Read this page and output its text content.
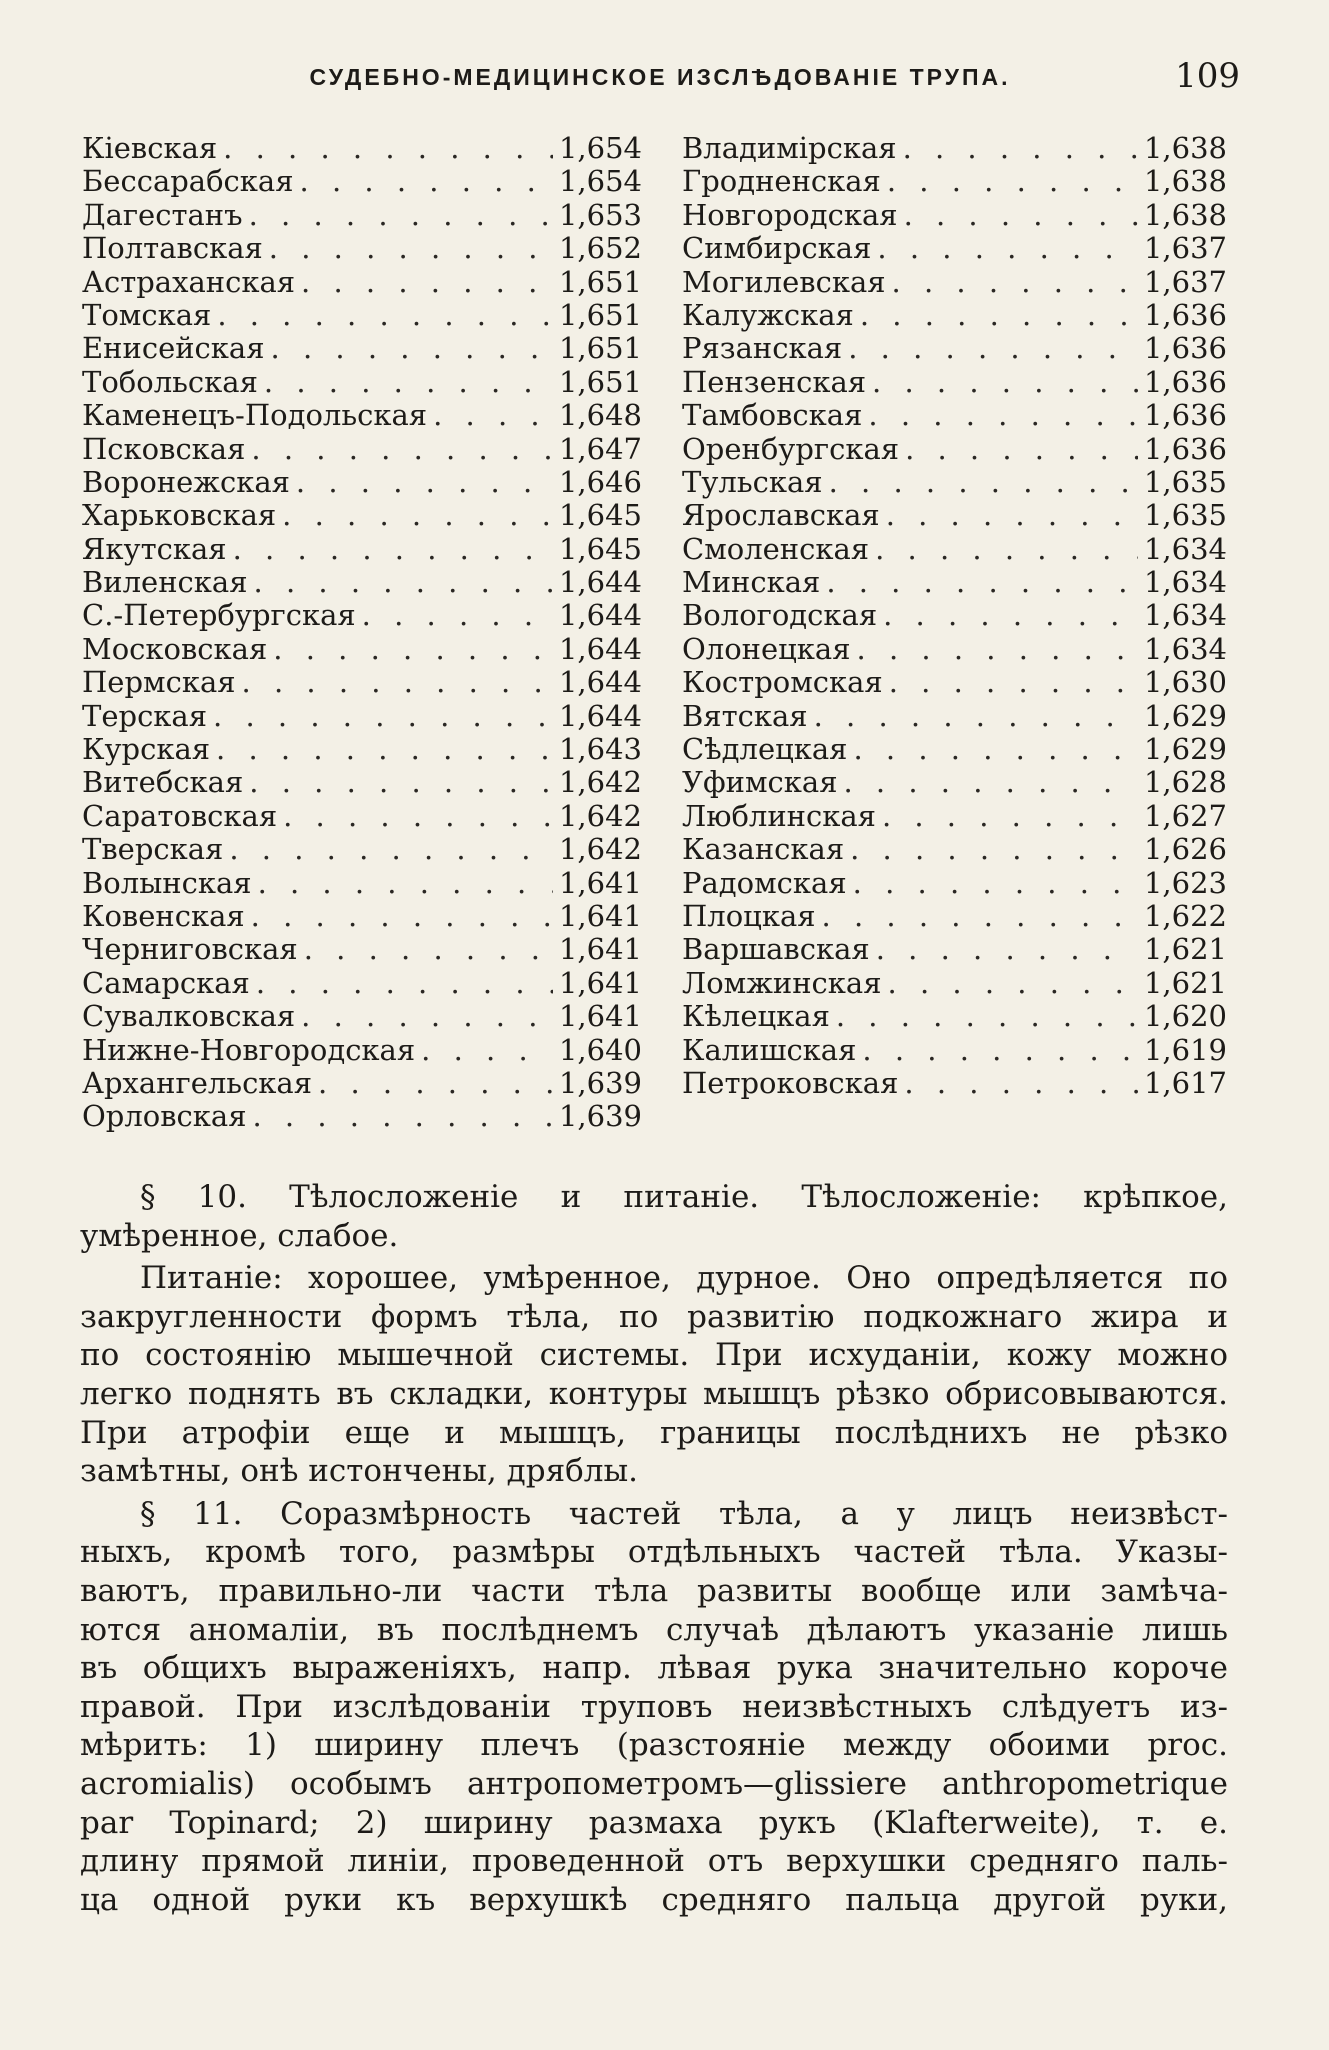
СУДЕБНО-МЕДИЦИНСКОЕ ИЗСЛѢДОВАНІЕ ТРУПА.	109
Кіевская . . .	1,654
Бессарабская . . .	1,654
Дагестанъ . . .	1,653
Полтавская . . .	1,652
Астраханская . . .	1,651
Томская . . .	1,651
Енисейская . . .	1,651
Тобольская . . .	1,651
Каменецъ-Подольская . . .	1,648
Псковская . . .	1,647
Воронежская . . .	1,646
Харьковская . . .	1,645
Якутская . . .	1,645
Виленская . . .	1,644
С.-Петербургская . . .	1,644
Московская . . .	1,644
Пермская . . .	1,644
Терская . . .	1,644
Курская . . .	1,643
Витебская . . .	1,642
Саратовская . . .	1,642
Тверская . . .	1,642
Волынская . . .	1,641
Ковенская . . .	1,641
Черниговская . . .	1,641
Самарская . . .	1,641
Сувалковская . . .	1,641
Нижне-Новгородская . . .	1,640
Архангельская . . .	1,639
Орловская . . .	1,639
Владимірская . . .	1,638
Гродненская . . .	1,638
Новгородская . . .	1,638
Симбирская . . .	1,637
Могилевская . . .	1,637
Калужская . . .	1,636
Рязанская . . .	1,636
Пензенская . . .	1,636
Тамбовская . . .	1,636
Оренбургская . . .	1,636
Тульская . . .	1,635
Ярославская . . .	1,635
Смоленская . . .	1,634
Минская . . .	1,634
Вологодская . . .	1,634
Олонецкая . . .	1,634
Костромская . . .	1,630
Вятская . . .	1,629
Сѣдлецкая . . .	1,629
Уфимская . . .	1,628
Люблинская . . .	1,627
Казанская . . .	1,626
Радомская . . .	1,623
Плоцкая . . .	1,622
Варшавская . . .	1,621
Ломжинская . . .	1,621
Кѣлецкая . . .	1,620
Калишская . . .	1,619
Петроковская . . .	1,617
§ 10. Тѣлосложеніе и питаніе. Тѣлосложеніе: крѣпкое,
умѣренное, слабое.
Питаніе: хорошее, умѣренное, дурное. Оно опредѣляется по
закругленности формъ тѣла, по развитію подкожнаго жира и
по состоянію мышечной системы. При исхуданіи, кожу можно
легко поднять въ складки, контуры мышцъ рѣзко обрисовываются.
При атрофіи еще и мышцъ, границы послѣднихъ не рѣзко
замѣтны, онѣ истончены, дряблы.
§ 11. Соразмѣрность частей тѣла, а у лицъ неизвѣст-
ныхъ, кромѣ того, размѣры отдѣльныхъ частей тѣла. Указы-
ваютъ, правильно-ли части тѣла развиты вообще или замѣча-
ются аномаліи, въ послѣднемъ случаѣ дѣлаютъ указаніе лишь
въ общихъ выраженіяхъ, напр. лѣвая рука значительно короче
правой. При изслѣдованіи труповъ неизвѣстныхъ слѣдуетъ из-
мѣрить: 1) ширину плечъ (разстояніе между обоими proc.
acromialis) особымъ антропометромъ—glissiere anthropometrique
par Topinard; 2) ширину размаха рукъ (Klafterweite), т. е.
длину прямой линіи, проведенной отъ верхушки средняго паль-
ца одной руки къ верхушкѣ средняго пальца другой руки,
